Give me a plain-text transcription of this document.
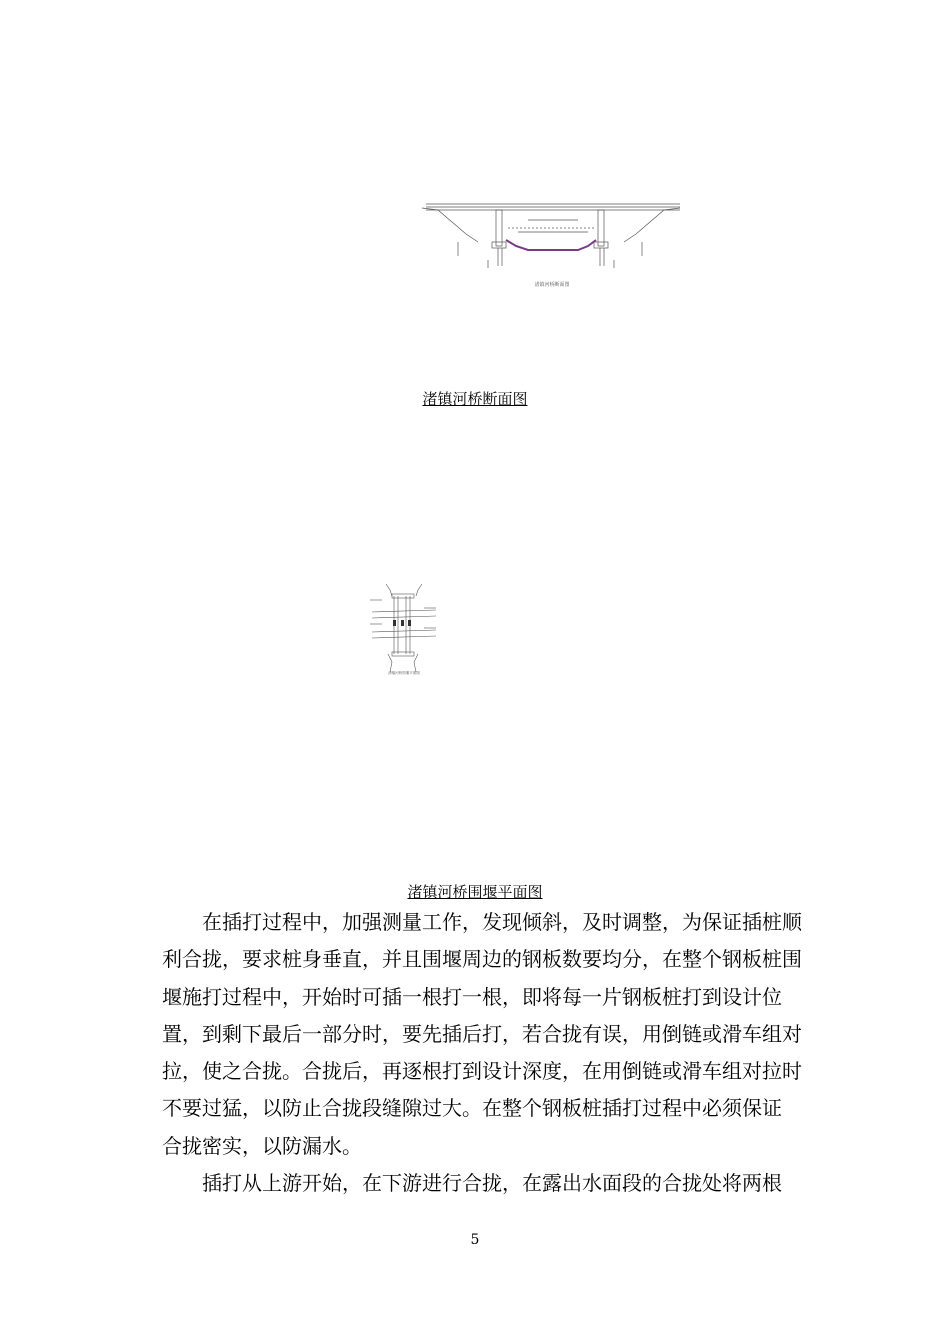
渚镇河桥断面图
渚镇河桥断面图
渚镇河桥围堰平面图
渚镇河桥围堰平面图

在插打过程中，加强测量工作，发现倾斜，及时调整，为保证插桩顺
利合拢，要求桩身垂直，并且围堰周边的钢板数要均分，在整个钢板桩围
堰施打过程中，开始时可插一根打一根，即将每一片钢板桩打到设计位
置，到剩下最后一部分时，要先插后打，若合拢有误，用倒链或滑车组对
拉，使之合拢。合拢后，再逐根打到设计深度，在用倒链或滑车组对拉时
不要过猛，以防止合拢段缝隙过大。在整个钢板桩插打过程中必须保证
合拢密实，以防漏水。

插打从上游开始，在下游进行合拢，在露出水面段的合拢处将两根

5
